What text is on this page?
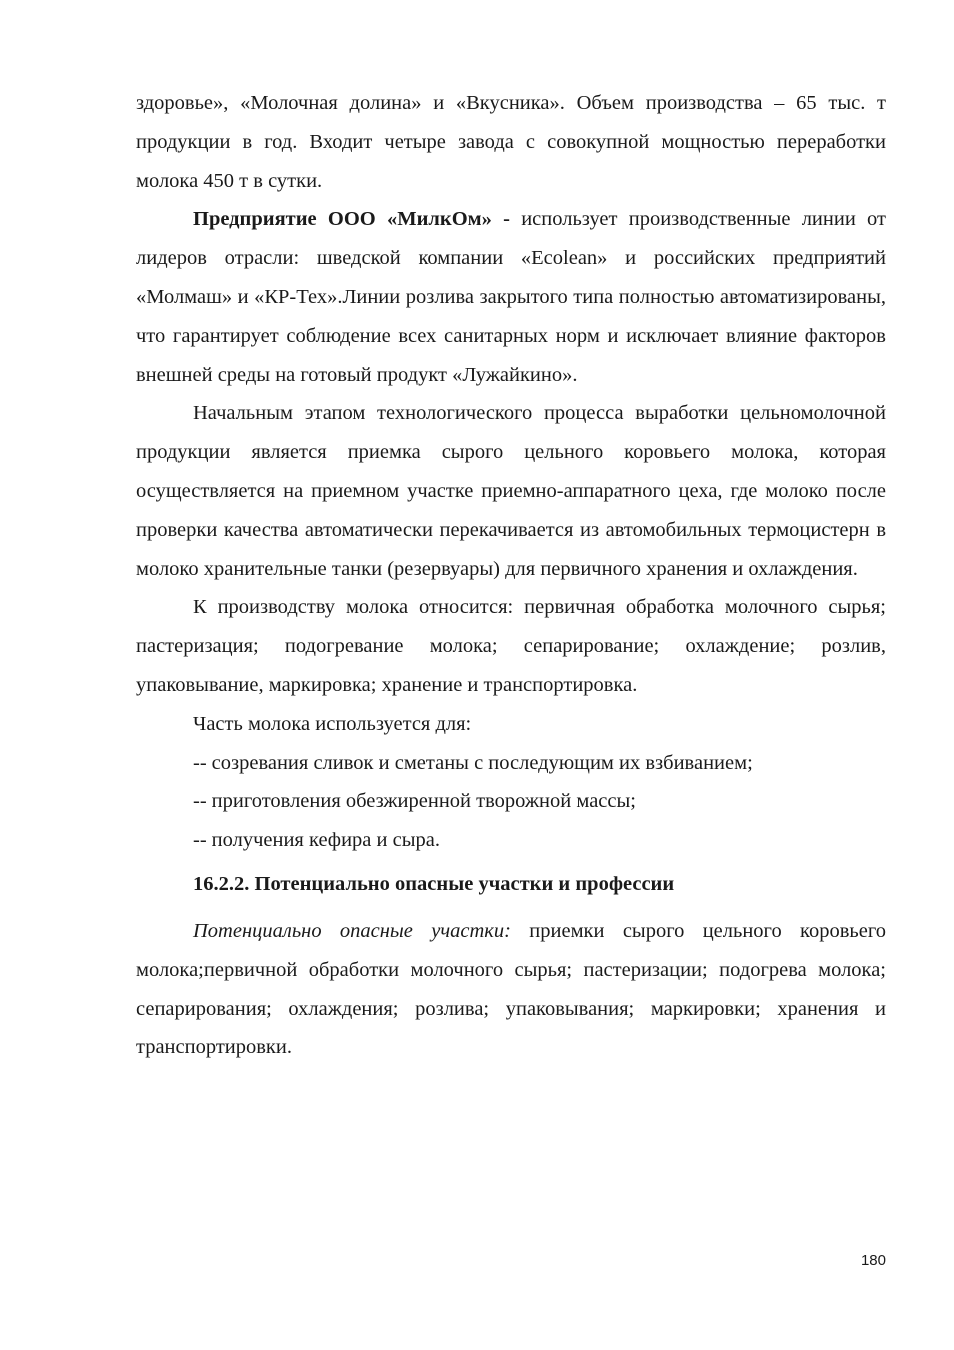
здоровье», «Молочная долина» и «Вкусника». Объем производства – 65 тыс. т продукции в год. Входит четыре завода с совокупной мощностью переработки молока 450 т в сутки.

Предприятие ООО «МилкОм» - использует производственные линии от лидеров отрасли: шведской компании «Ecolean» и российских предприятий «Молмаш» и «КР-Тех».Линии розлива закрытого типа полностью автоматизированы, что гарантирует соблюдение всех санитарных норм и исключает влияние факторов внешней среды на готовый продукт «Лужайкино».

Начальным этапом технологического процесса выработки цельномолочной продукции является приемка сырого цельного коровьего молока, которая осуществляется на приемном участке приемно-аппаратного цеха, где молоко после проверки качества автоматически перекачивается из автомобильных термоцистерн в молоко хранительные танки (резервуары) для первичного хранения и охлаждения.

К производству молока относится: первичная обработка молочного сырья; пастеризация; подогревание молока; сепарирование; охлаждение; розлив, упаковывание, маркировка; хранение и транспортировка.

Часть молока используется для:

-- созревания сливок и сметаны с последующим их взбиванием;

-- приготовления обезжиренной творожной массы;

-- получения кефира и сыра.

16.2.2. Потенциально опасные участки и профессии

Потенциально опасные участки: приемки сырого цельного коровьего молока;первичной обработки молочного сырья; пастеризации; подогрева молока; сепарирования; охлаждения; розлива; упаковывания; маркировки; хранения и транспортировки.

180
